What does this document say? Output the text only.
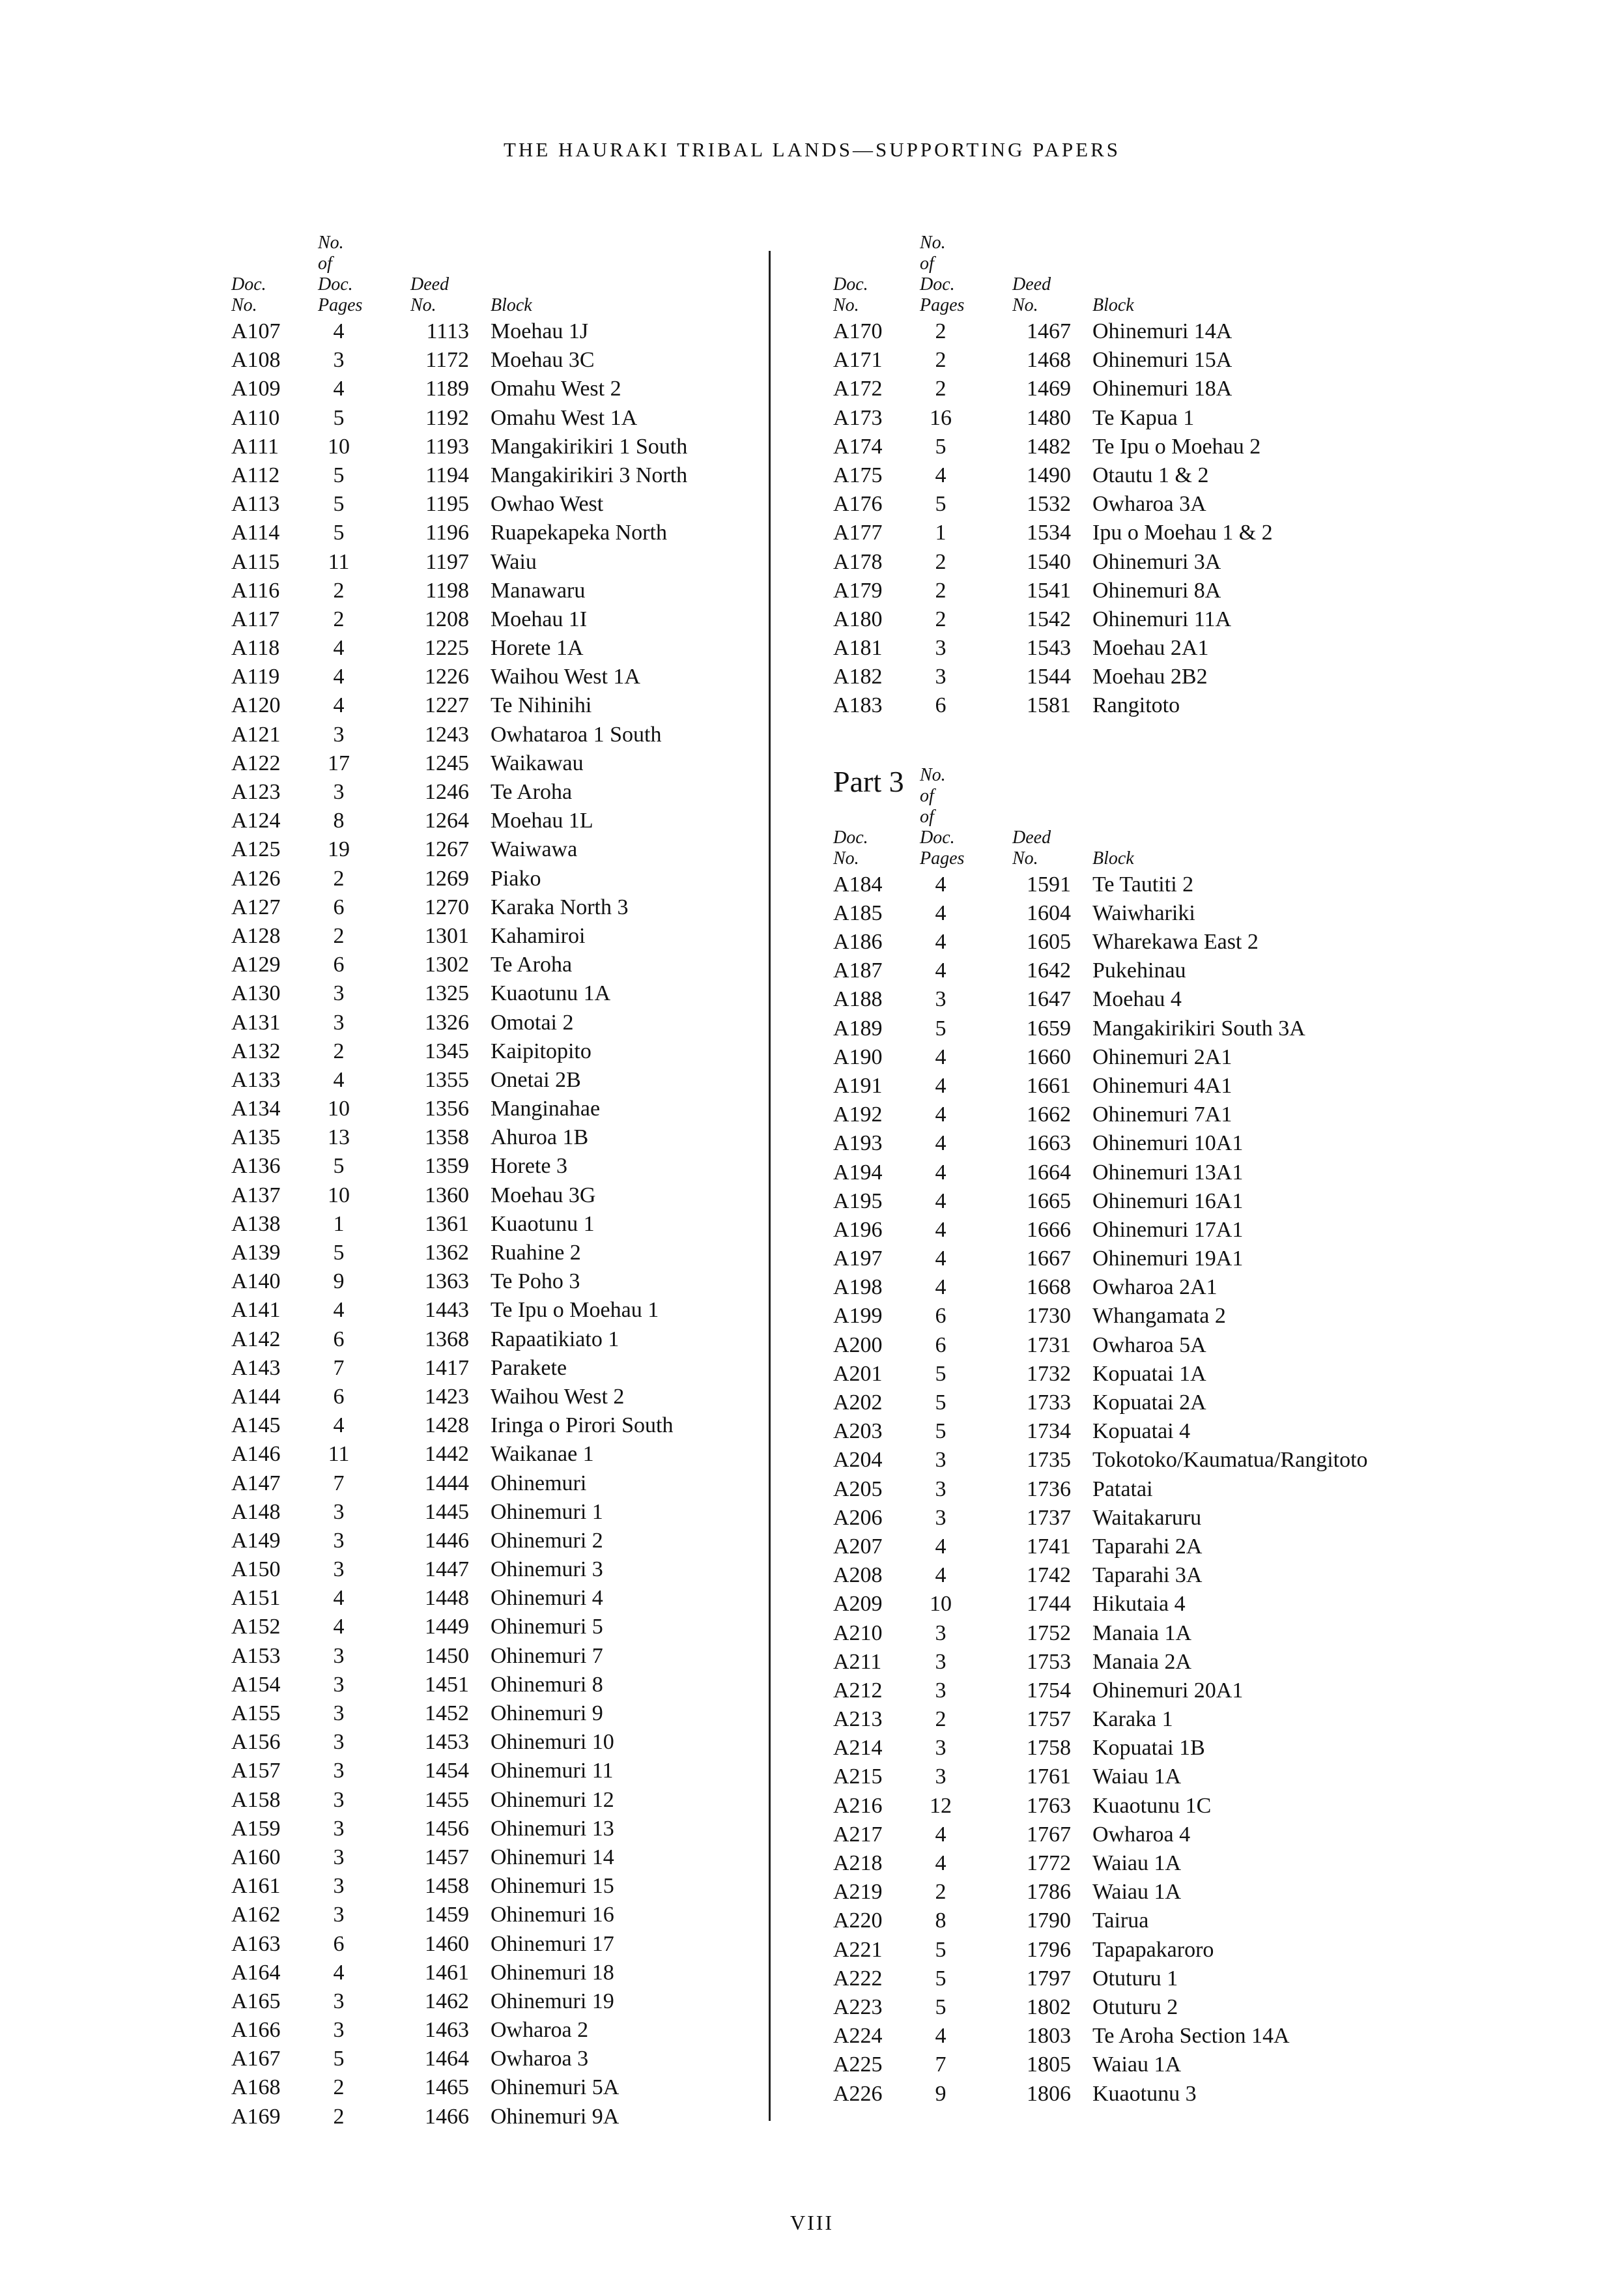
THE HAURAKI TRIBAL LANDS—SUPPORTING PAPERS
Doc.
No.
No. of
Doc.
Pages
Deed
No.	Block
A107	4	1113 Moehau 1J
A108	3	1172 Moehau 3C
A109	4	1189 Omahu West 2
A110	5	1192 Omahu West 1A
A111	10	1193 Mangakirikiri 1 South
A112	5	1194 Mangakirikiri 3 North
A113	5	1195 Owhao West
A114	5	1196 Ruapekapeka North
A115	11	1197 Waiu
A116	2	1198 Manawaru
A117	2	1208 Moehau 1I
A118	4	1225 Horete 1A
A119	4	1226 Waihou West 1A
A120	4	1227 Te Nihinihi
A121	3	1243 Owhataroa 1 South
A122	17	1245 Waikawau
A123	3	1246 Te Aroha
A124	8	1264 Moehau 1L
A125	19	1267 Waiwawa
A126	2	1269 Piako
A127	6	1270 Karaka North 3
A128	2	1301 Kahamiroi
A129	6	1302 Te Aroha
A130	3	1325 Kuaotunu 1A
A131	3	1326 Omotai 2
A132	2	1345 Kaipitopito
A133	4	1355 Onetai 2B
A134	10	1356 Manginahae
A135	13	1358 Ahuroa 1B
A136	5	1359 Horete 3
A137	10	1360 Moehau 3G
A138	1	1361 Kuaotunu 1
A139	5	1362 Ruahine 2
A140	9	1363 Te Poho 3
A141	4	1443 Te Ipu o Moehau 1
A142	6	1368 Rapaatikiato 1
A143	7	1417 Parakete
A144	6	1423 Waihou West 2
A145	4	1428 Iringa o Pirori South
A146	11	1442 Waikanae 1
A147	7	1444 Ohinemuri
A148	3	1445 Ohinemuri 1
A149	3	1446 Ohinemuri 2
A150	3	1447 Ohinemuri 3
A151	4	1448 Ohinemuri 4
A152	4	1449 Ohinemuri 5
A153	3	1450 Ohinemuri 7
A154	3	1451 Ohinemuri 8
A155	3	1452 Ohinemuri 9
A156	3	1453 Ohinemuri 10
A157	3	1454 Ohinemuri 11
A158	3	1455 Ohinemuri 12
A159	3	1456 Ohinemuri 13
A160	3	1457 Ohinemuri 14
A161	3	1458 Ohinemuri 15
A162	3	1459 Ohinemuri 16
A163	6	1460 Ohinemuri 17
A164	4	1461 Ohinemuri 18
A165	3	1462 Ohinemuri 19
A166	3	1463 Owharoa 2
A167	5	1464 Owharoa 3
A168	2	1465 Ohinemuri 5A
A169	2	1466 Ohinemuri 9A
Doc.
No.
No. of
Doc.
Pages
Deed
No.	Block
A170	2	1467 Ohinemuri 14A
A171	2	1468 Ohinemuri 15A
A172	2	1469 Ohinemuri 18A
A173	16	1480 Te Kapua 1
A174	5	1482 Te Ipu o Moehau 2
A175	4	1490 Otautu 1 & 2
A176	5	1532 Owharoa 3A
A177	1	1534 Ipu o Moehau 1 & 2
A178	2	1540 Ohinemuri 3A
A179	2	1541 Ohinemuri 8A
A180	2	1542 Ohinemuri 11A
A181	3	1543 Moehau 2A1
A182	3	1544 Moehau 2B2
A183	6	1581 Rangitoto
Part 3
Doc.
No.
No. of
of Doc.
Pages
Deed
No.	Block
A184	4	1591 Te Tautiti 2
A185	4	1604 Waiwhariki
A186	4	1605 Wharekawa East 2
A187	4	1642 Pukehinau
A188	3	1647 Moehau 4
A189	5	1659 Mangakirikiri South 3A
A190	4	1660 Ohinemuri 2A1
A191	4	1661 Ohinemuri 4A1
A192	4	1662 Ohinemuri 7A1
A193	4	1663 Ohinemuri 10A1
A194	4	1664 Ohinemuri 13A1
A195	4	1665 Ohinemuri 16A1
A196	4	1666 Ohinemuri 17A1
A197	4	1667 Ohinemuri 19A1
A198	4	1668 Owharoa 2A1
A199	6	1730 Whangamata 2
A200	6	1731 Owharoa 5A
A201	5	1732 Kopuatai 1A
A202	5	1733 Kopuatai 2A
A203	5	1734 Kopuatai 4
A204	3	1735 Tokotoko/Kaumatua/Rangitoto
A205	3	1736 Patatai
A206	3	1737 Waitakaruru
A207	4	1741 Taparahi 2A
A208	4	1742 Taparahi 3A
A209	10	1744 Hikutaia 4
A210	3	1752 Manaia 1A
A211	3	1753 Manaia 2A
A212	3	1754 Ohinemuri 20A1
A213	2	1757 Karaka 1
A214	3	1758 Kopuatai 1B
A215	3	1761 Waiau 1A
A216	12	1763 Kuaotunu 1C
A217	4	1767 Owharoa 4
A218	4	1772 Waiau 1A
A219	2	1786 Waiau 1A
A220	8	1790 Tairua
A221	5	1796 Tapapakaroro
A222	5	1797 Otuturu 1
A223	5	1802 Otuturu 2
A224	4	1803 Te Aroha Section 14A
A225	7	1805 Waiau 1A
A226	9	1806 Kuaotunu 3
VIII
